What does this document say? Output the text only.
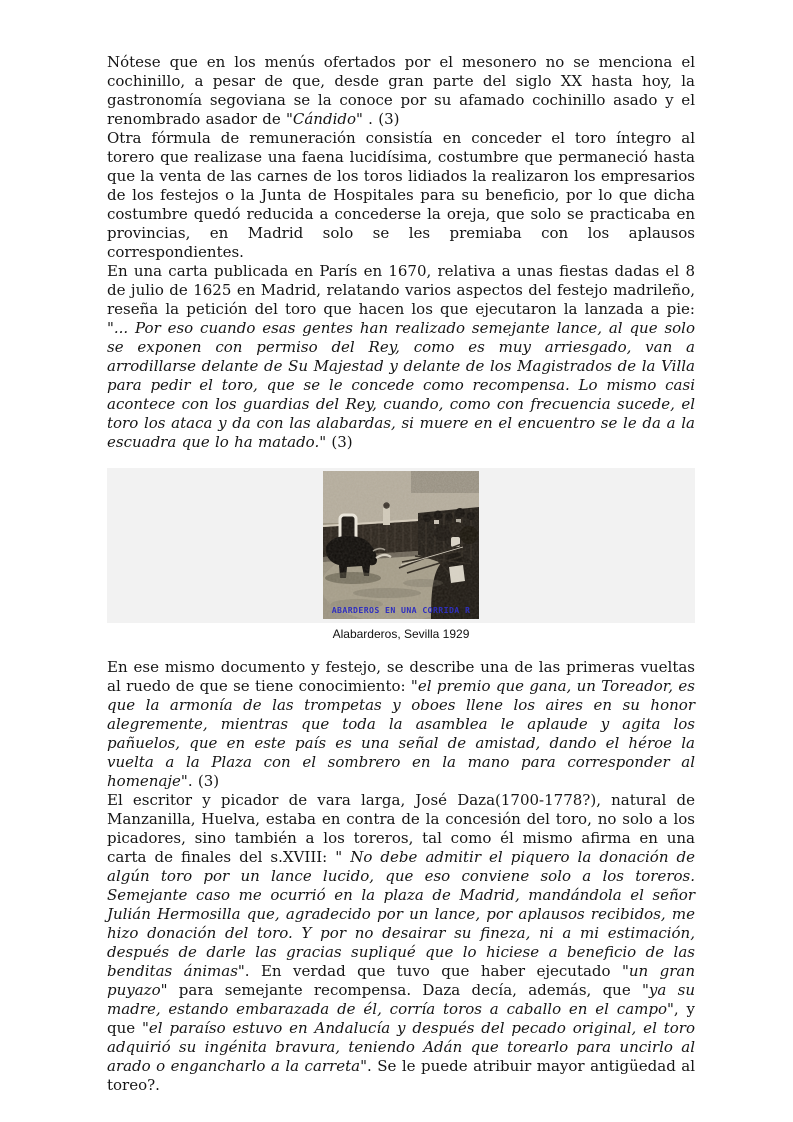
Nótese que en los menús ofertados por el mesonero no se menciona el cochinillo, a pesar de que, desde gran parte del siglo XX hasta hoy, la gastronomía segoviana se la conoce por su afamado cochinillo asado y el renombrado asador de "Cándido" . (3)

Otra fórmula de remuneración consistía en conceder el toro íntegro al torero que realizase una faena lucidísima, costumbre que permaneció hasta que la venta de las carnes de los toros lidiados la realizaron los empresarios de los festejos o la Junta de Hospitales para su beneficio, por lo que dicha costumbre quedó reducida a concederse la oreja, que solo se practicaba en provincias, en Madrid solo se les premiaba con los aplausos correspondientes.

En una carta publicada en París en 1670, relativa a unas fiestas dadas el 8 de julio de 1625 en Madrid, relatando varios aspectos del festejo madrileño, reseña la petición del toro que hacen los que ejecutaron la lanzada a pie: "... Por eso cuando esas gentes han realizado semejante lance, al que solo se exponen con permiso del Rey, como es muy arriesgado, van a arrodillarse delante de Su Majestad y delante de los Magistrados de la Villa para pedir el toro, que se le concede como recompensa. Lo mismo casi acontece con los guardias del Rey, cuando, como con frecuencia sucede, el toro los ataca y da con las alabardas, si muere en el encuentro se le da a la escuadra que lo ha matado." (3)

ABARDEROS EN UNA CORRIDA R
Alabarderos, Sevilla 1929

En ese mismo documento y festejo, se describe una de las primeras vueltas al ruedo de que se tiene conocimiento: "el premio que gana, un Toreador, es que la armonía de las trompetas y oboes llene los aires en su honor alegremente, mientras que toda la asamblea le aplaude y agita los pañuelos, que en este país es una señal de amistad, dando el héroe la vuelta a la Plaza con el sombrero en la mano para corresponder al homenaje". (3)

El escritor y picador de vara larga, José Daza(1700-1778?), natural de Manzanilla, Huelva, estaba en contra de la concesión del toro, no solo a los picadores, sino también a los toreros, tal como él mismo afirma en una carta de finales del s.XVIII: " No debe admitir el piquero la donación de algún toro por un lance lucido, que eso conviene solo a los toreros. Semejante caso me ocurrió en la plaza de Madrid, mandándola el señor Julián Hermosilla que, agradecido por un lance, por aplausos recibidos, me hizo donación del toro. Y por no desairar su fineza, ni a mi estimación, después de darle las gracias supliqué que lo hiciese a beneficio de las benditas ánimas". En verdad que tuvo que haber ejecutado "un gran puyazo" para semejante recompensa. Daza decía, además, que "ya su madre, estando embarazada de él, corría toros a caballo en el campo", y que "el paraíso estuvo en Andalucía y después del pecado original, el toro adquirió su ingénita bravura, teniendo Adán que torearlo para uncirlo al arado o engancharlo a la carreta". Se le puede atribuir mayor antigüedad al toreo?.
